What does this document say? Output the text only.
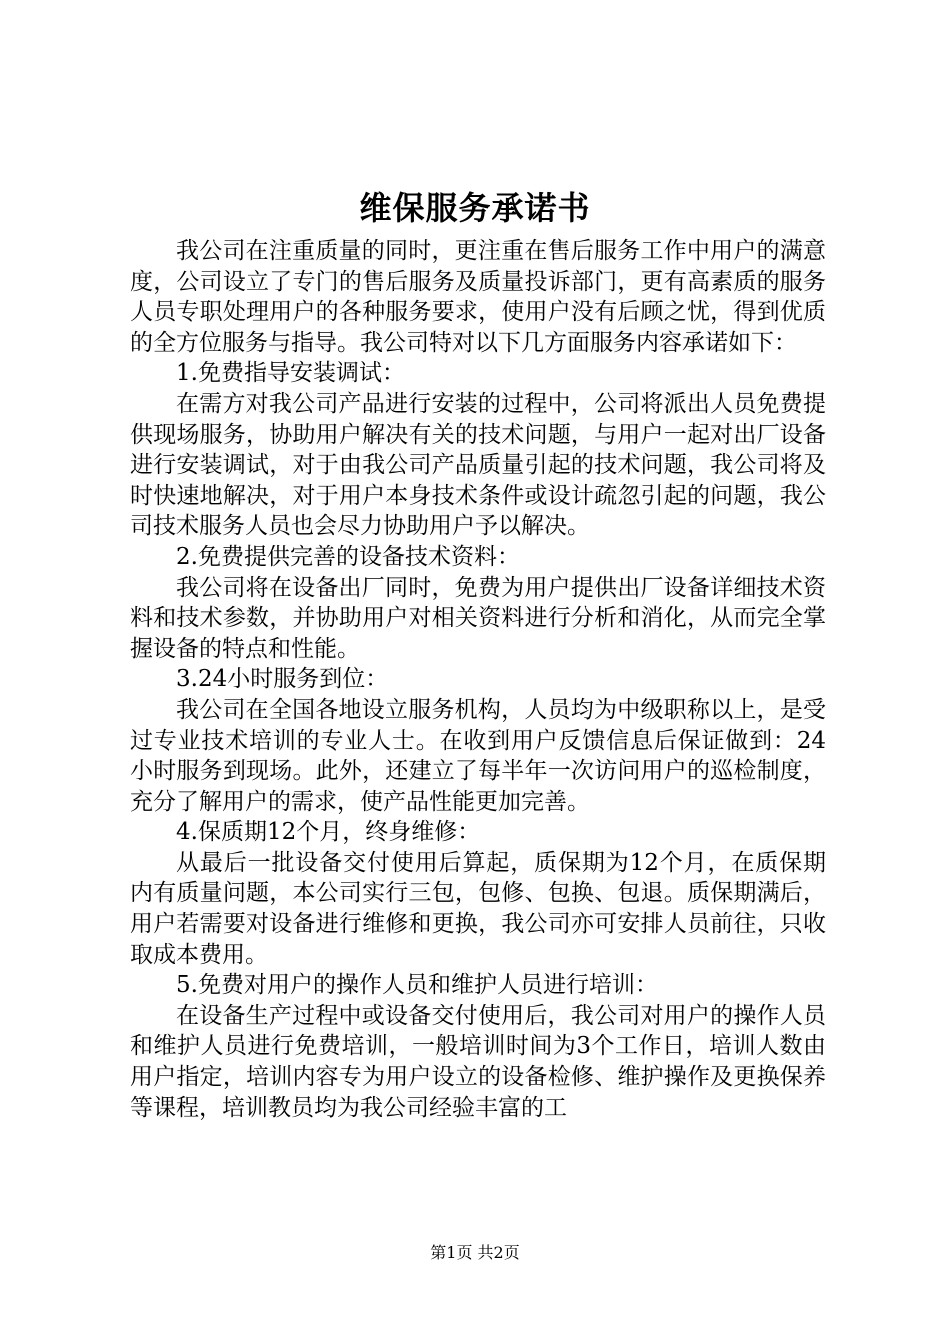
维保服务承诺书

我公司在注重质量的同时，更注重在售后服务工作中用户的满意度，公司设立了专门的售后服务及质量投诉部门，更有高素质的服务人员专职处理用户的各种服务要求，使用户没有后顾之忧，得到优质的全方位服务与指导。我公司特对以下几方面服务内容承诺如下：

1.免费指导安装调试：

在需方对我公司产品进行安装的过程中，公司将派出人员免费提供现场服务，协助用户解决有关的技术问题，与用户一起对出厂设备进行安装调试，对于由我公司产品质量引起的技术问题，我公司将及时快速地解决，对于用户本身技术条件或设计疏忽引起的问题，我公司技术服务人员也会尽力协助用户予以解决。

2.免费提供完善的设备技术资料：

我公司将在设备出厂同时，免费为用户提供出厂设备详细技术资料和技术参数，并协助用户对相关资料进行分析和消化，从而完全掌握设备的特点和性能。

3.24小时服务到位：

我公司在全国各地设立服务机构，人员均为中级职称以上，是受过专业技术培训的专业人士。在收到用户反馈信息后保证做到：24小时服务到现场。此外，还建立了每半年一次访问用户的巡检制度，充分了解用户的需求，使产品性能更加完善。

4.保质期12个月，终身维修：

从最后一批设备交付使用后算起，质保期为12个月，在质保期内有质量问题，本公司实行三包，包修、包换、包退。质保期满后，用户若需要对设备进行维修和更换，我公司亦可安排人员前往，只收取成本费用。

5.免费对用户的操作人员和维护人员进行培训：

在设备生产过程中或设备交付使用后，我公司对用户的操作人员和维护人员进行免费培训，一般培训时间为3个工作日，培训人数由用户指定，培训内容专为用户设立的设备检修、维护操作及更换保养等课程，培训教员均为我公司经验丰富的工

第1页 共2页
